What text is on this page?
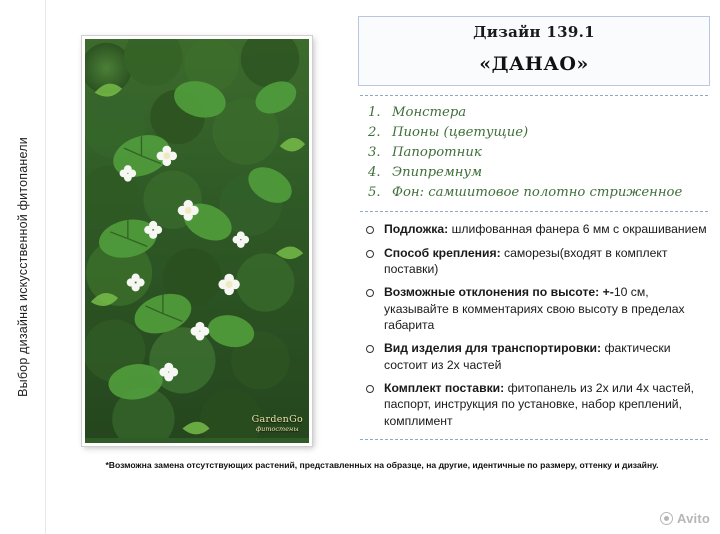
Выбор дизайна искусственной фитопанели
GardenGo
фитостены
Дизайн 139.1
«ДАНАО»
Монстера
Пионы (цветущие)
Папоротник
Эпипремнум
Фон: самшитовое полотно стриженное
Подложка: шлифованная фанера 6 мм с окрашиванием
Способ крепления: саморезы(входят в комплект поставки)
Возможные отклонения по высоте: +-10 см, указывайте в комментариях свою высоту в пределах габарита
Вид изделия для транспортировки: фактически состоит из 2х частей
Комплект поставки: фитопанель из 2х или 4х частей, паспорт, инструкция по установке, набор креплений, комплимент
*Возможна замена отсутствующих растений, представленных на образце, на другие, идентичные по размеру, оттенку и дизайну.
Avito
